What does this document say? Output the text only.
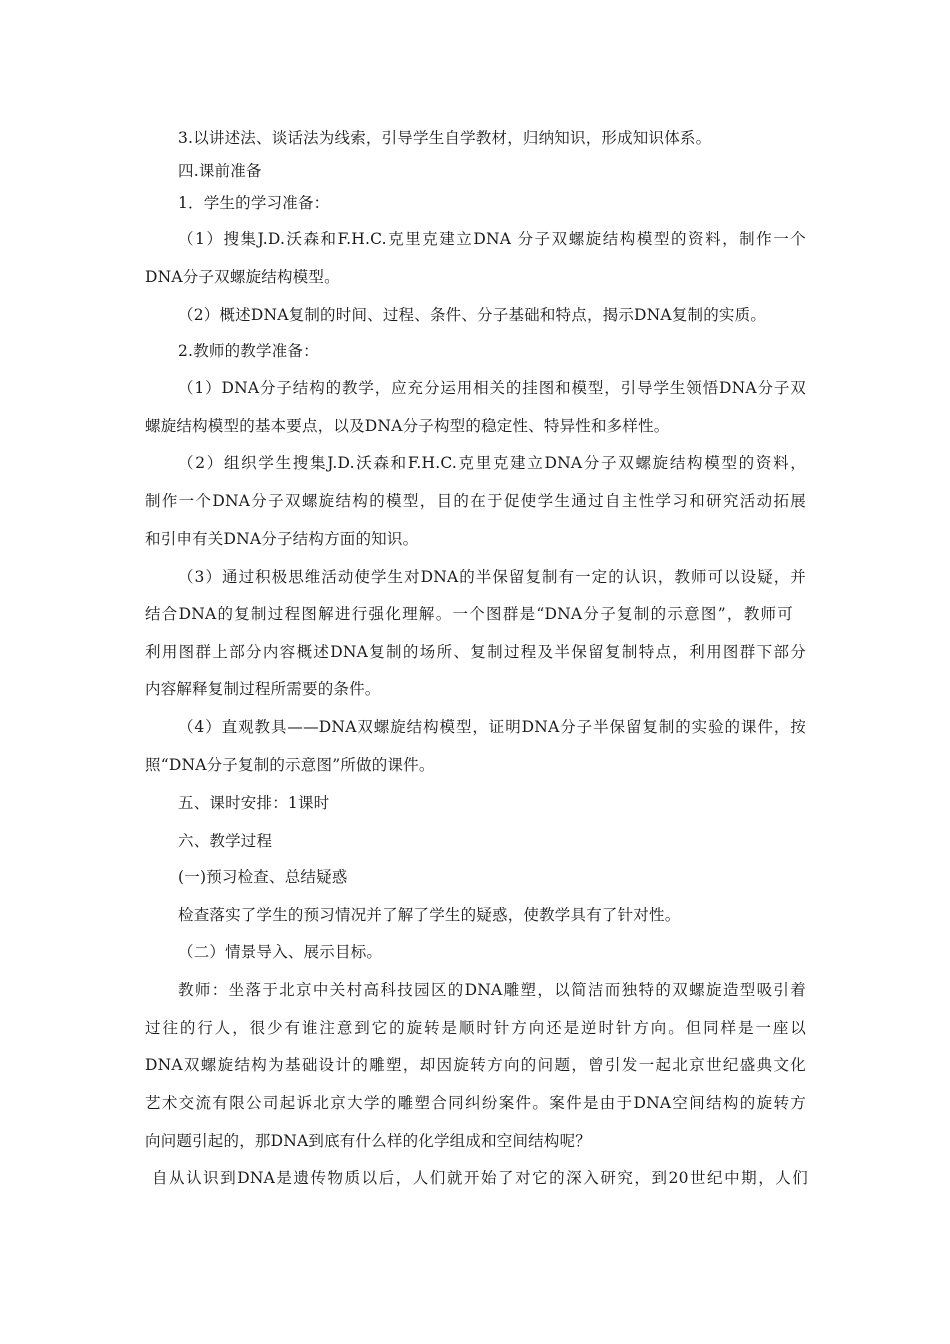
3.以讲述法、谈话法为线索，引导学生自学教材，归纳知识，形成知识体系。
四.课前准备
1．学生的学习准备：
（1）搜集J.D.沃森和F.H.C.克里克建立DNA 分子双螺旋结构模型的资料，制作一个
DNA分子双螺旋结构模型。
（2）概述DNA复制的时间、过程、条件、分子基础和特点，揭示DNA复制的实质。
2.教师的教学准备：
（1）DNA分子结构的教学，应充分运用相关的挂图和模型，引导学生领悟DNA分子双
螺旋结构模型的基本要点，以及DNA分子构型的稳定性、特异性和多样性。
（2）组织学生搜集J.D.沃森和F.H.C.克里克建立DNA分子双螺旋结构模型的资料，
制作一个DNA分子双螺旋结构的模型，目的在于促使学生通过自主性学习和研究活动拓展
和引申有关DNA分子结构方面的知识。
（3）通过积极思维活动使学生对DNA的半保留复制有一定的认识，教师可以设疑，并
结合DNA的复制过程图解进行强化理解。一个图群是“DNA分子复制的示意图”，教师可
利用图群上部分内容概述DNA复制的场所、复制过程及半保留复制特点，利用图群下部分
内容解释复制过程所需要的条件。
（4）直观教具——DNA双螺旋结构模型，证明DNA分子半保留复制的实验的课件，按
照“DNA分子复制的示意图”所做的课件。
五、课时安排：1课时
六、教学过程
(一)预习检查、总结疑惑
检查落实了学生的预习情况并了解了学生的疑惑，使教学具有了针对性。
（二）情景导入、展示目标。
教师：坐落于北京中关村高科技园区的DNA雕塑，以简洁而独特的双螺旋造型吸引着
过往的行人，很少有谁注意到它的旋转是顺时针方向还是逆时针方向。但同样是一座以
DNA双螺旋结构为基础设计的雕塑，却因旋转方向的问题，曾引发一起北京世纪盛典文化
艺术交流有限公司起诉北京大学的雕塑合同纠纷案件。案件是由于DNA空间结构的旋转方
向问题引起的，那DNA到底有什么样的化学组成和空间结构呢？
自从认识到DNA是遗传物质以后，人们就开始了对它的深入研究，到20世纪中期，人们
